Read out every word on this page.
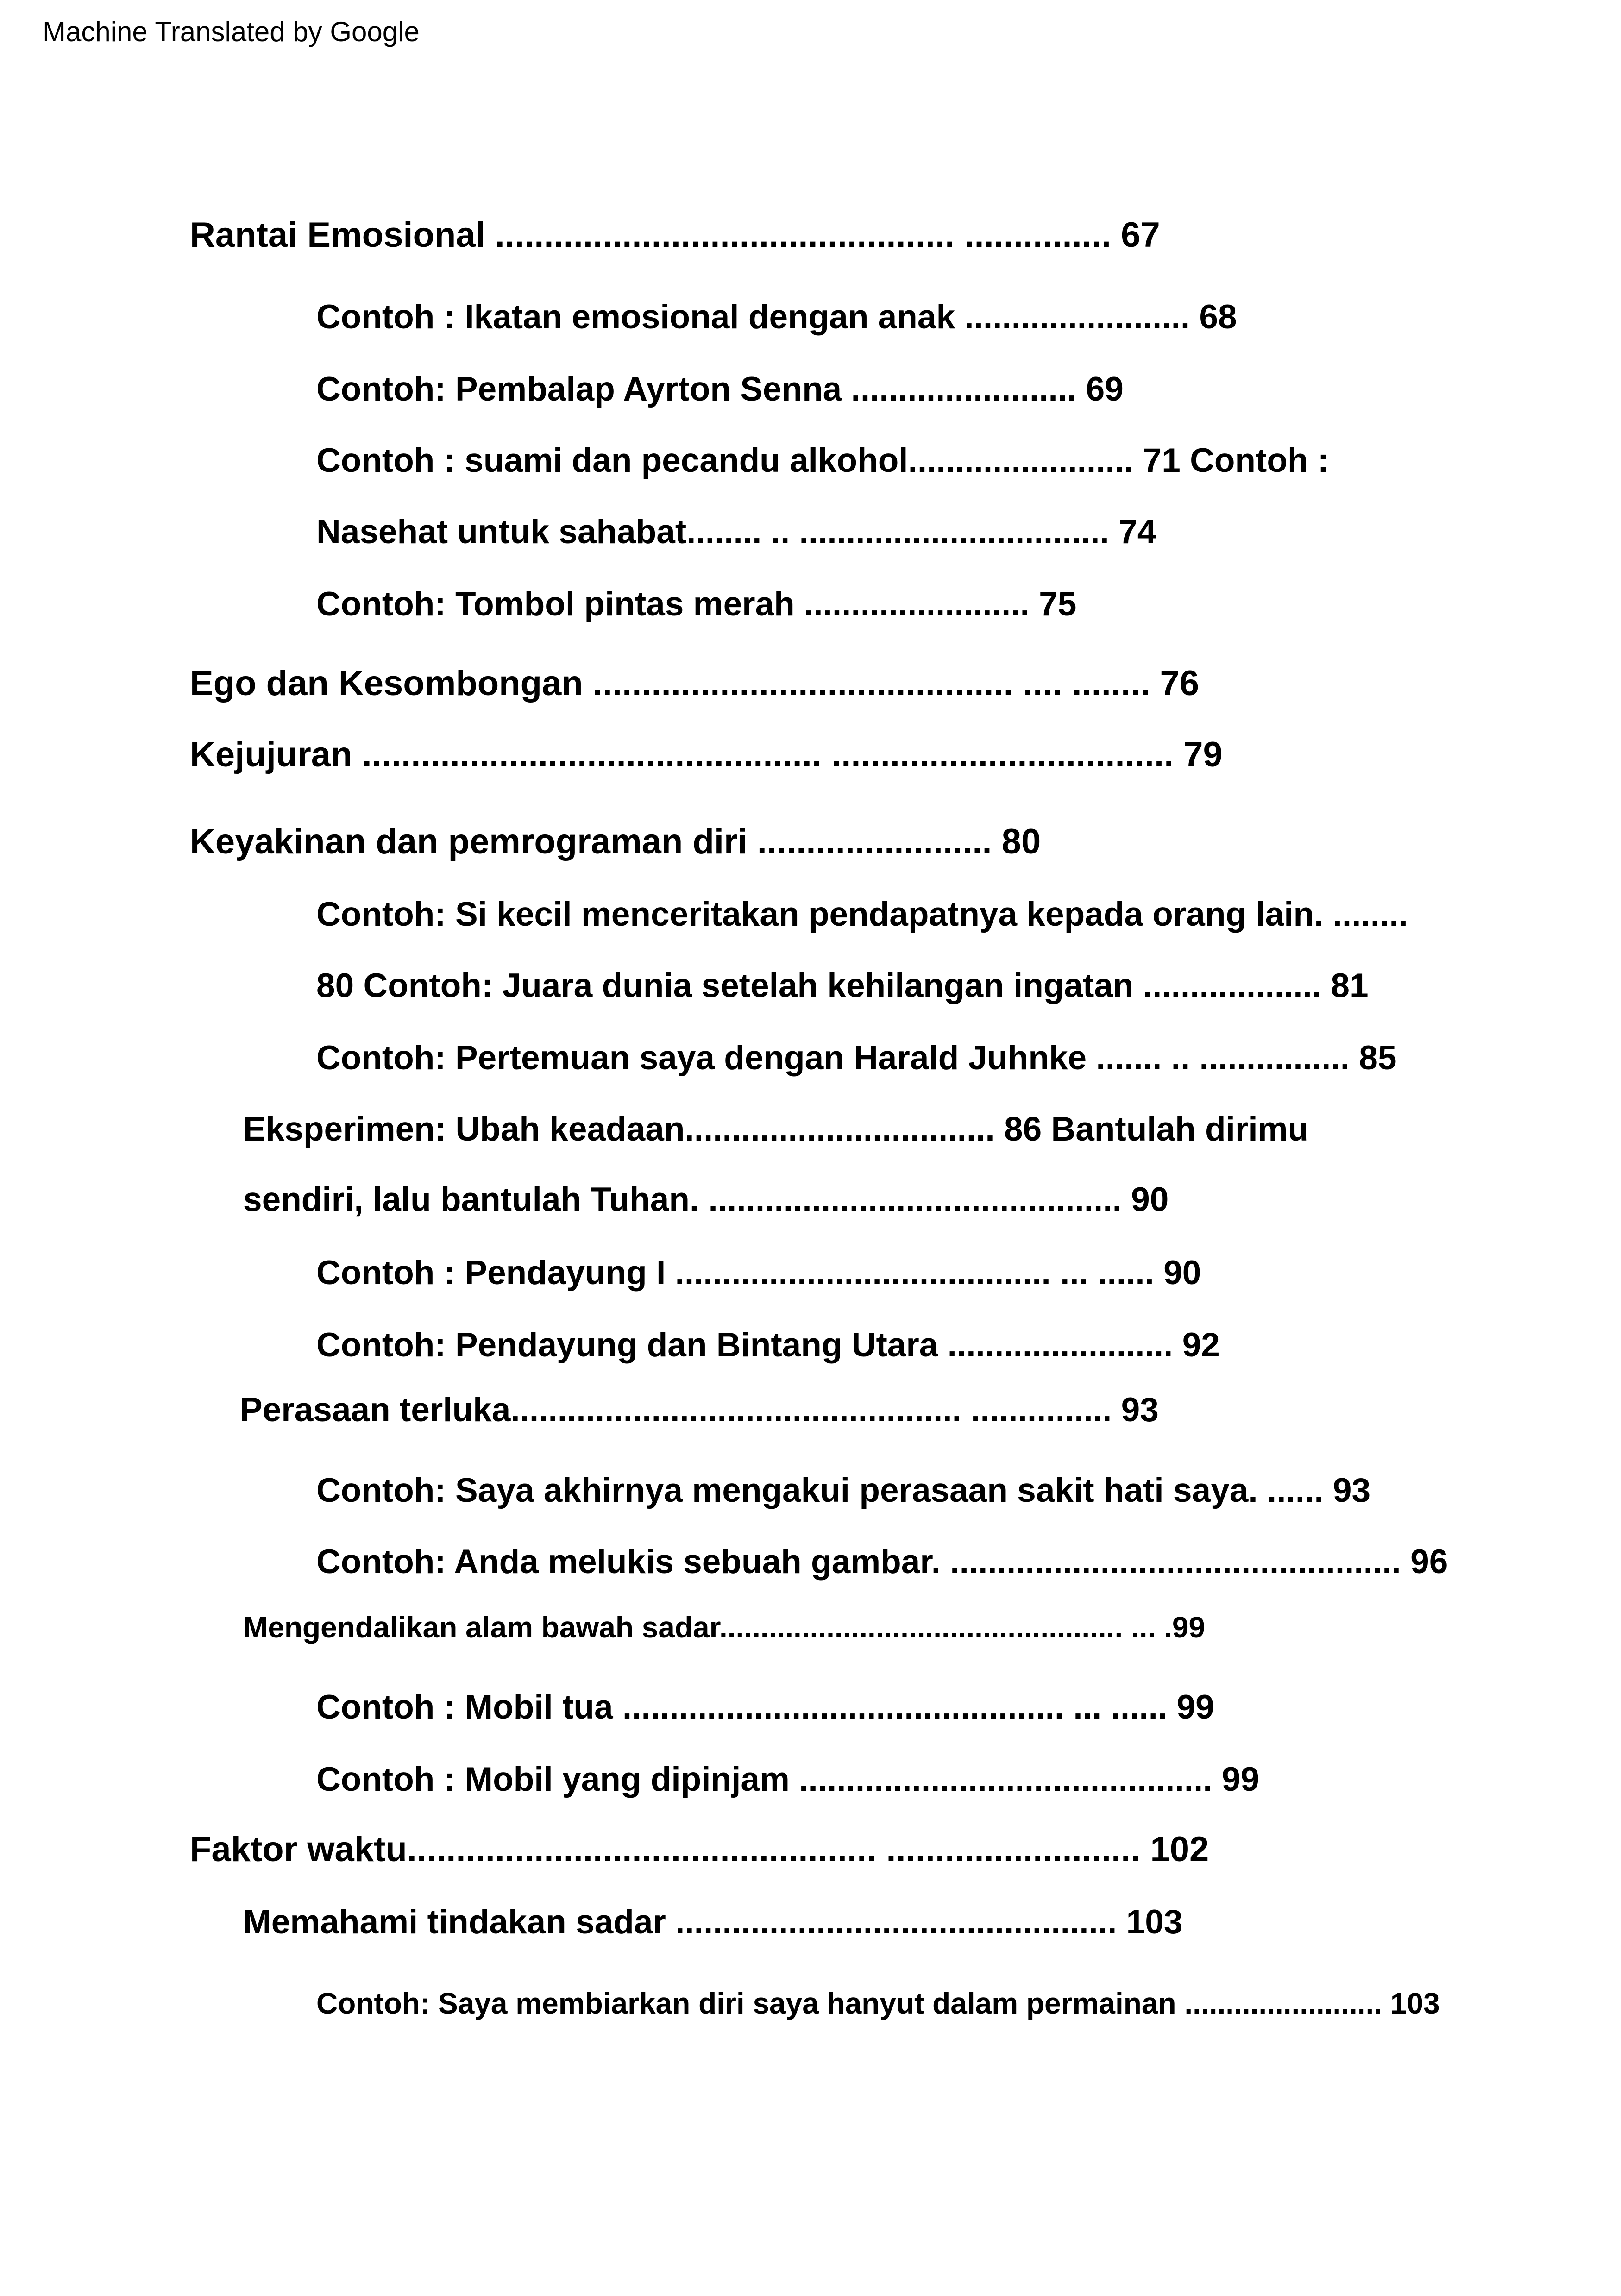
Machine Translated by Google
Rantai Emosional ............................................... ............... 67
Contoh : Ikatan emosional dengan anak ........................ 68
Contoh: Pembalap Ayrton Senna ........................ 69
Contoh : suami dan pecandu alkohol........................ 71 Contoh :
Nasehat untuk sahabat........ .. ................................. 74
Contoh: Tombol pintas merah ........................ 75
Ego dan Kesombongan ........................................... .... ........ 76
Kejujuran ............................................... ................................... 79
Keyakinan dan pemrograman diri ........................ 80
Contoh: Si kecil menceritakan pendapatnya kepada orang lain. ........
80 Contoh: Juara dunia setelah kehilangan ingatan ................... 81
Contoh: Pertemuan saya dengan Harald Juhnke ....... .. ................ 85
Eksperimen: Ubah keadaan................................. 86 Bantulah dirimu
sendiri, lalu bantulah Tuhan. ............................................ 90
Contoh : Pendayung I ........................................ ... ...... 90
Contoh: Pendayung dan Bintang Utara ........................ 92
Perasaan terluka................................................ ............... 93
Contoh: Saya akhirnya mengakui perasaan sakit hati saya. ...... 93
Contoh: Anda melukis sebuah gambar. ................................................ 96
Mengendalikan alam bawah sadar................................................. ... .99
Contoh : Mobil tua ............................................... ... ...... 99
Contoh : Mobil yang dipinjam ............................................ 99
Faktor waktu................................................ .......................... 102
Memahami tindakan sadar ............................................... 103
Contoh: Saya membiarkan diri saya hanyut dalam permainan ........................ 103
